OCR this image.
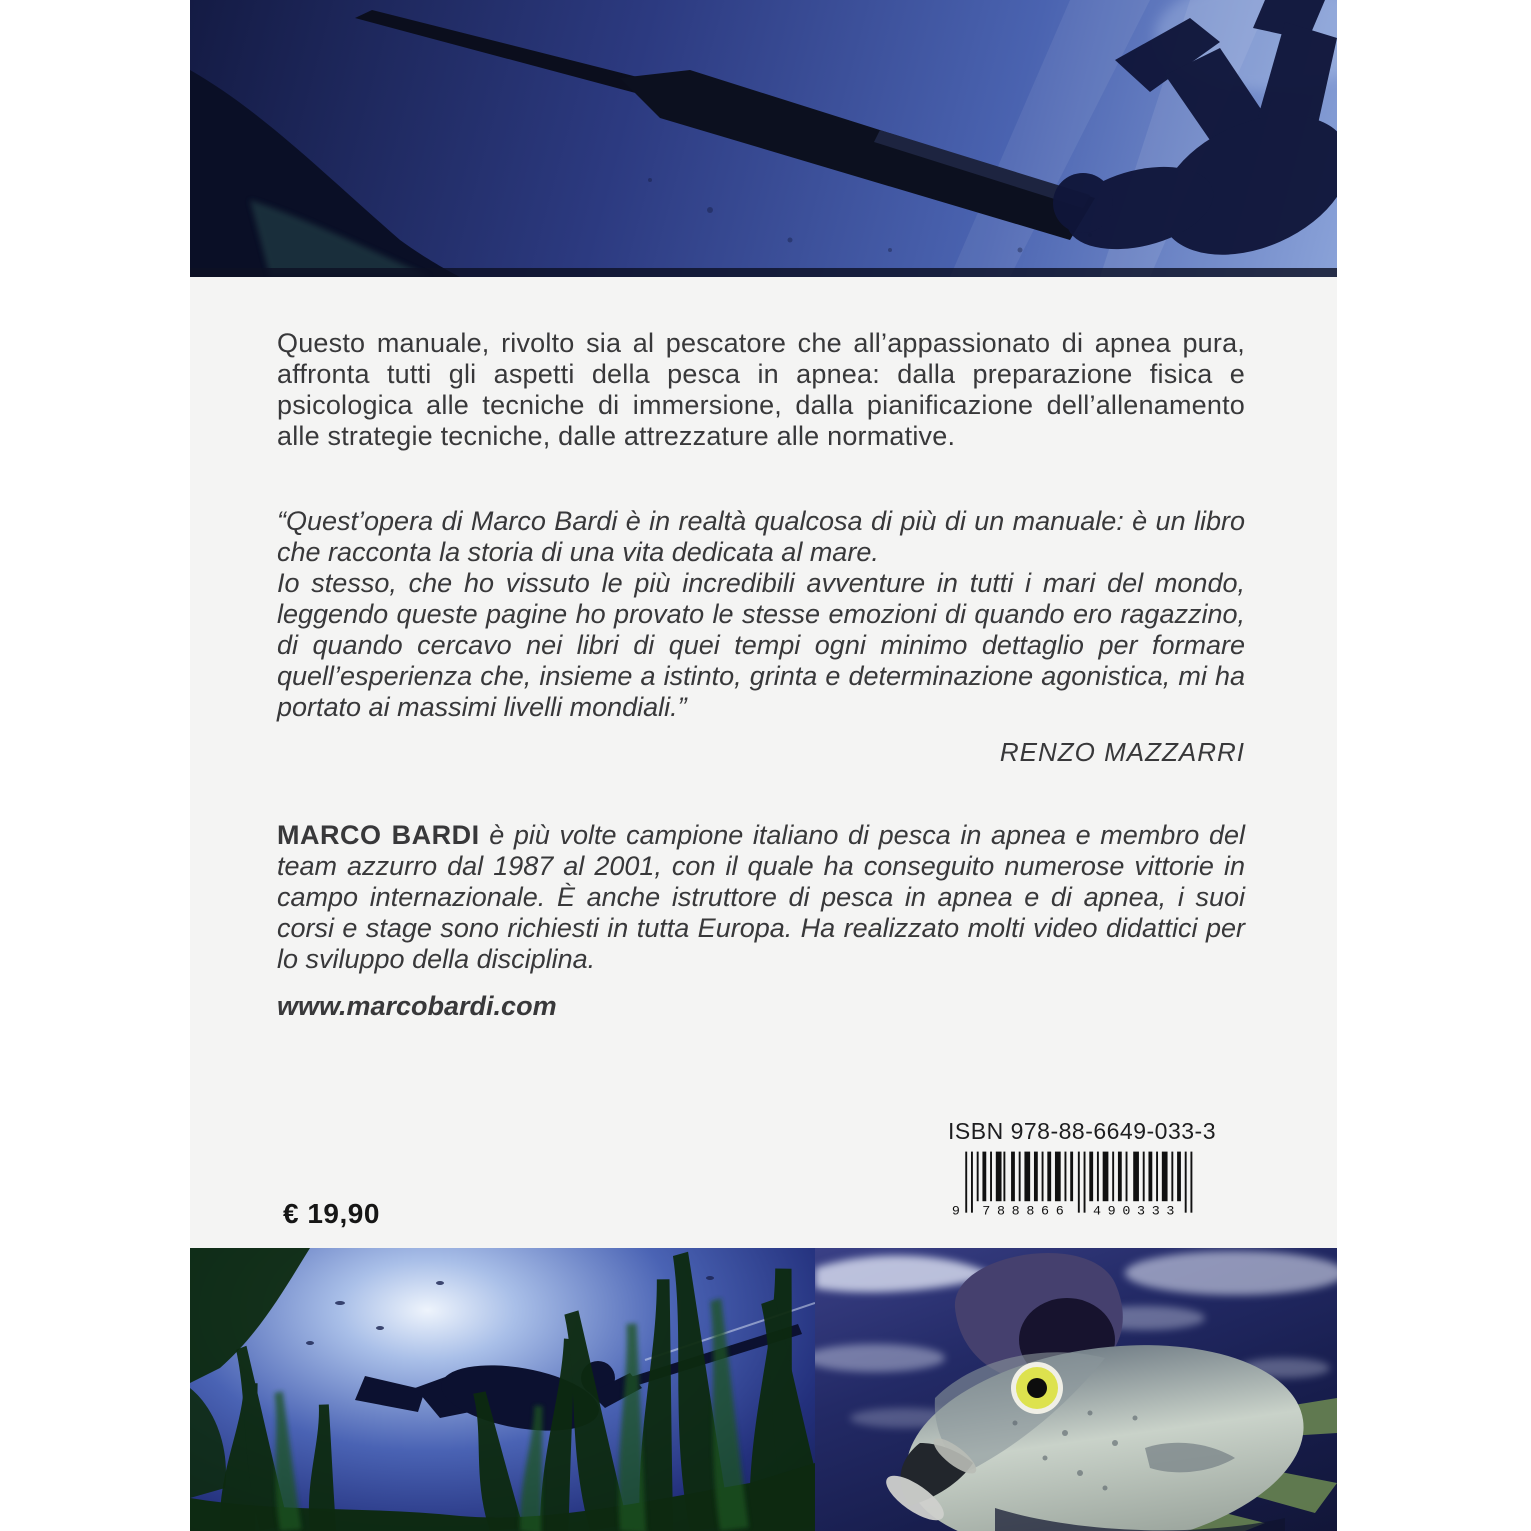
Questo manuale, rivolto sia al pescatore che all’appassionato di apnea pura, affronta tutti gli aspetti della pesca in apnea: dalla preparazione fisica e psicologica alle tecniche di immersione, dalla pianificazione dell’allenamento alle strategie tecniche, dalle attrezzature alle normative.

“Quest’opera di Marco Bardi è in realtà qualcosa di più di un manuale: è un libro che racconta la storia di una vita dedicata al mare.

Io stesso, che ho vissuto le più incredibili avventure in tutti i mari del mondo, leggendo queste pagine ho provato le stesse emozioni di quando ero ragazzino, di quando cercavo nei libri di quei tempi ogni minimo dettaglio per formare quell’esperienza che, insieme a istinto, grinta e determinazione agonistica, mi ha portato ai massimi livelli mondiali.”

RENZO MAZZARRI

MARCO BARDI è più volte campione italiano di pesca in apnea e membro del team azzurro dal 1987 al 2001, con il quale ha conseguito numerose vittorie in campo internazionale. È anche istruttore di pesca in apnea e di apnea, i suoi corsi e stage sono richiesti in tutta Europa. Ha realizzato molti video didattici per lo sviluppo della disciplina.

www.marcobardi.com
ISBN 978-88-6649-033-3
9 788866 490333
€ 19,90
